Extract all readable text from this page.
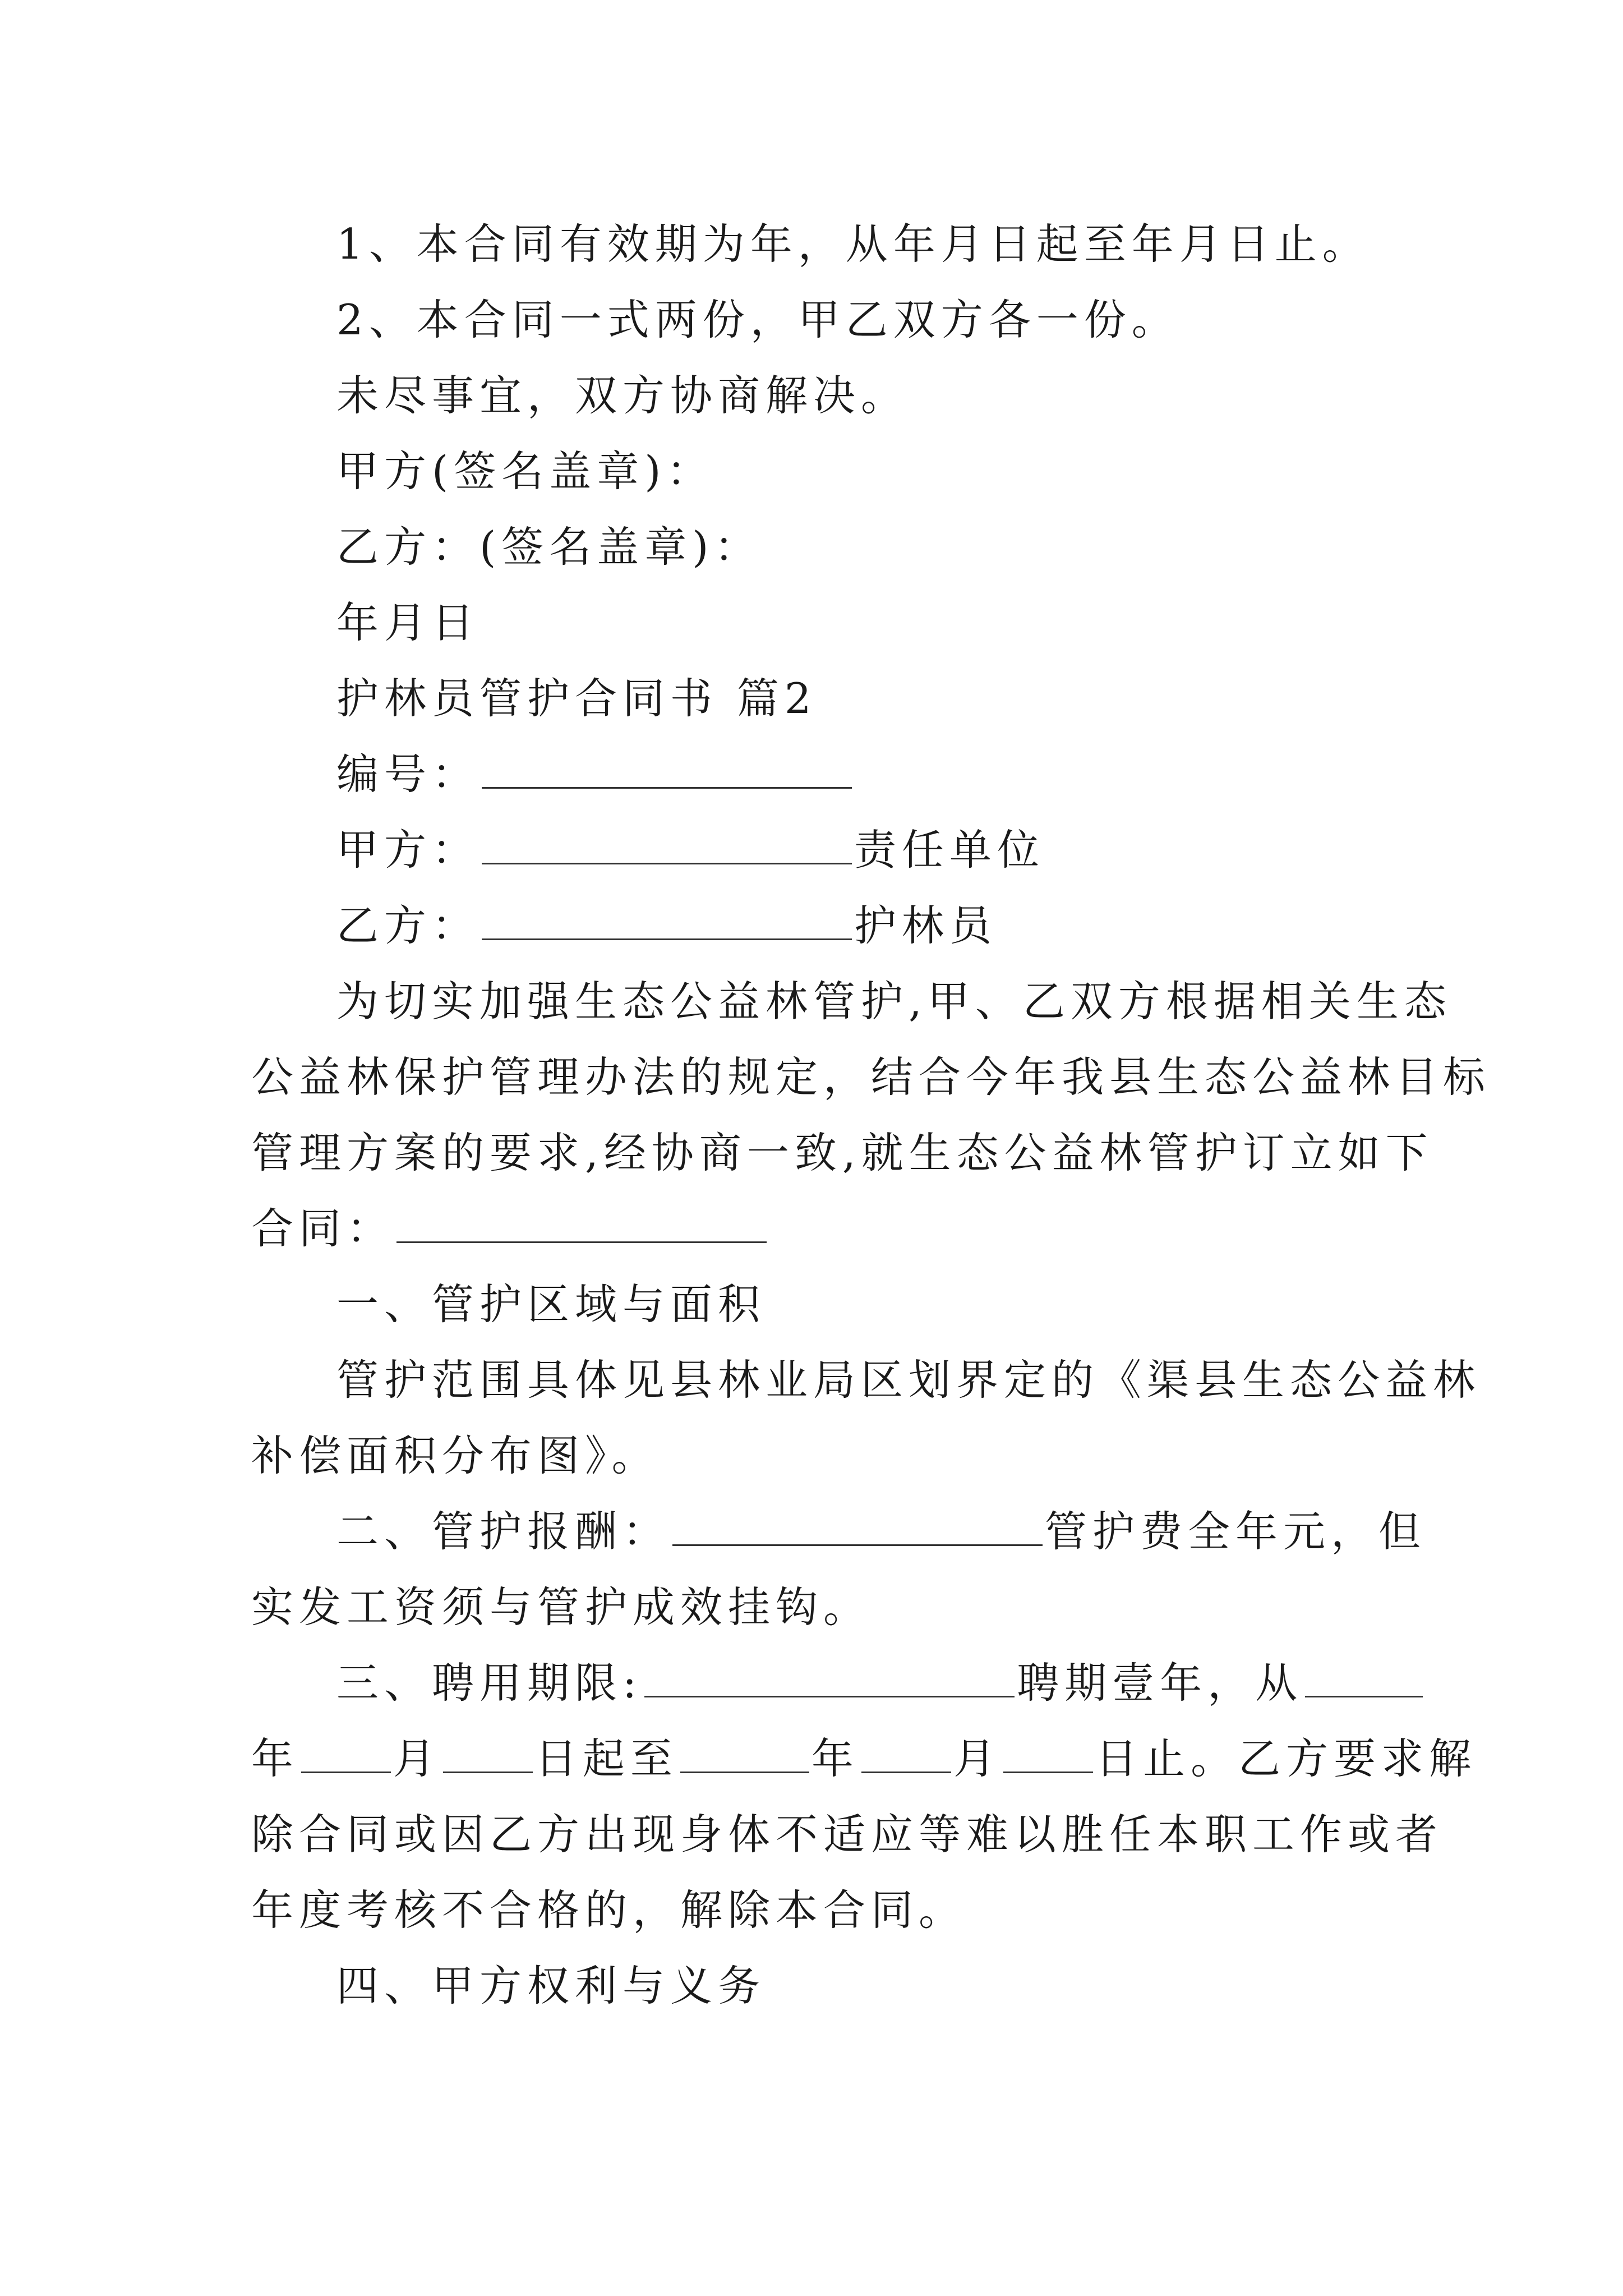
1、本合同有效期为年，从年月日起至年月日止。
2、本合同一式两份，甲乙双方各一份。
未尽事宜，双方协商解决。
甲方(签名盖章)：
乙方：(签名盖章)：
年月日
护林员管护合同书 篇2
编号：
甲方：	责任单位
乙方：	护林员
为切实加强生态公益林管护,甲、乙双方根据相关生态
公益林保护管理办法的规定，结合今年我县生态公益林目标
管理方案的要求,经协商一致,就生态公益林管护订立如下
合同：
一、管护区域与面积
管护范围具体见县林业局区划界定的《渠县生态公益林
补偿面积分布图》。
二、管护报酬：	管护费全年元，但
实发工资须与管护成效挂钩。
三、聘用期限:	聘期壹年，从
年 月 日起至	年 月 日止。乙方要求解
除合同或因乙方出现身体不适应等难以胜任本职工作或者
年度考核不合格的，解除本合同。
四、甲方权利与义务
